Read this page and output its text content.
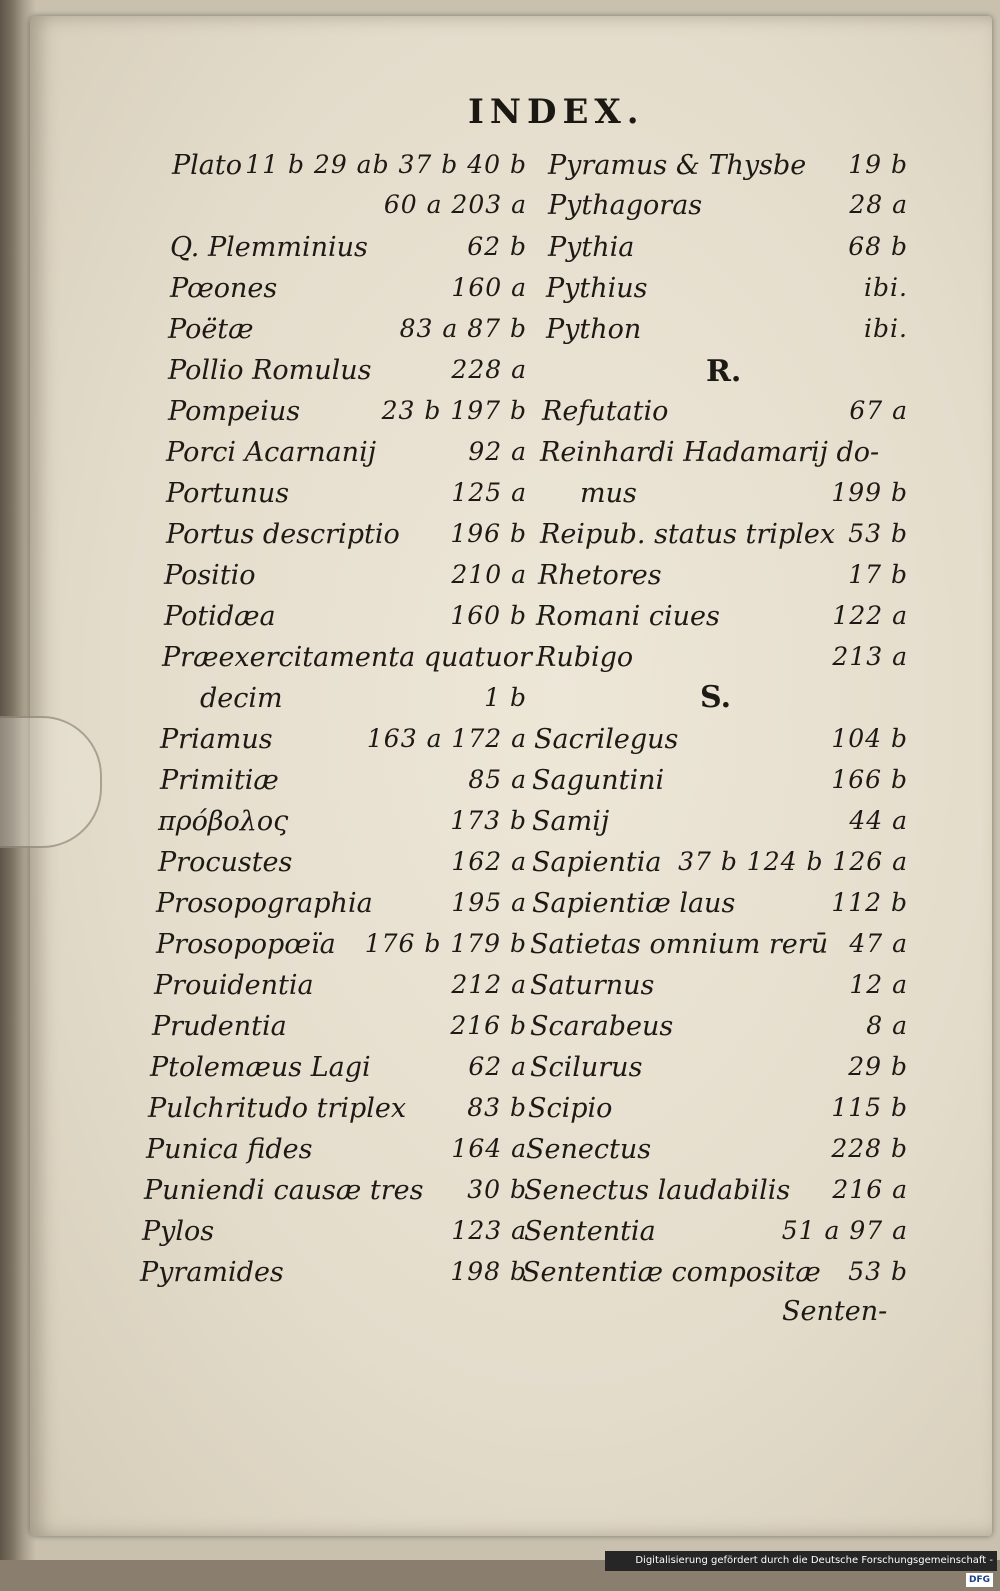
INDEX.
Plato 11 b 29 ab 37 b 40 b
60 a 203 a
Q. Plemminius	62 b
Pœones	160 a
Poëtæ	83 a 87 b
Pollio Romulus	228 a
Pompeius	23 b 197 b
Porci Acarnanij	92 a
Portunus	125 a
Portus descriptio 196 b
Positio	210 a
Potidæa	160 b
Præexercitamenta quatuor
decim	1 b
Priamus	163 a 172 a
Primitiæ	85 a
πρόβολος	173 b
Procustes	162 a
Prosopographia	195 a
Prosopopœïa 176 b 179 b
Prouidentia	212 a
Prudentia	216 b
Ptolemæus Lagi	62 a
Pulchritudo triplex 83 b
Punica fides	164 a
Puniendi causæ tres 30 b
Pylos	123 a
Pyramides	198 b
Pyramus & Thysbe 19 b
Pythagoras	28 a
Pythia	68 b
Pythius	ibi.
Python	ibi.
Refutatio	67 a
Reinhardi Hadamarij do-
mus	199 b
Reipub. status triplex 53 b
Rhetores	17 b
Romani ciues	122 a
Rubigo	213 a
Sacrilegus	104 b
Saguntini	166 b
Samij	44 a
Sapientia 37 b 124 b 126 a
Sapientiæ laus	112 b
Satietas omnium rerū 47 a
Saturnus	12 a
Scarabeus	8 a
Scilurus	29 b
Scipio	115 b
Senectus	228 b
Senectus laudabilis 216 a
Sententia	51 a 97 a
Sententiæ compositæ 53 b
R.
S.
Senten-
Digitalisierung gefördert durch die Deutsche Forschungsgemeinschaft -DFG
